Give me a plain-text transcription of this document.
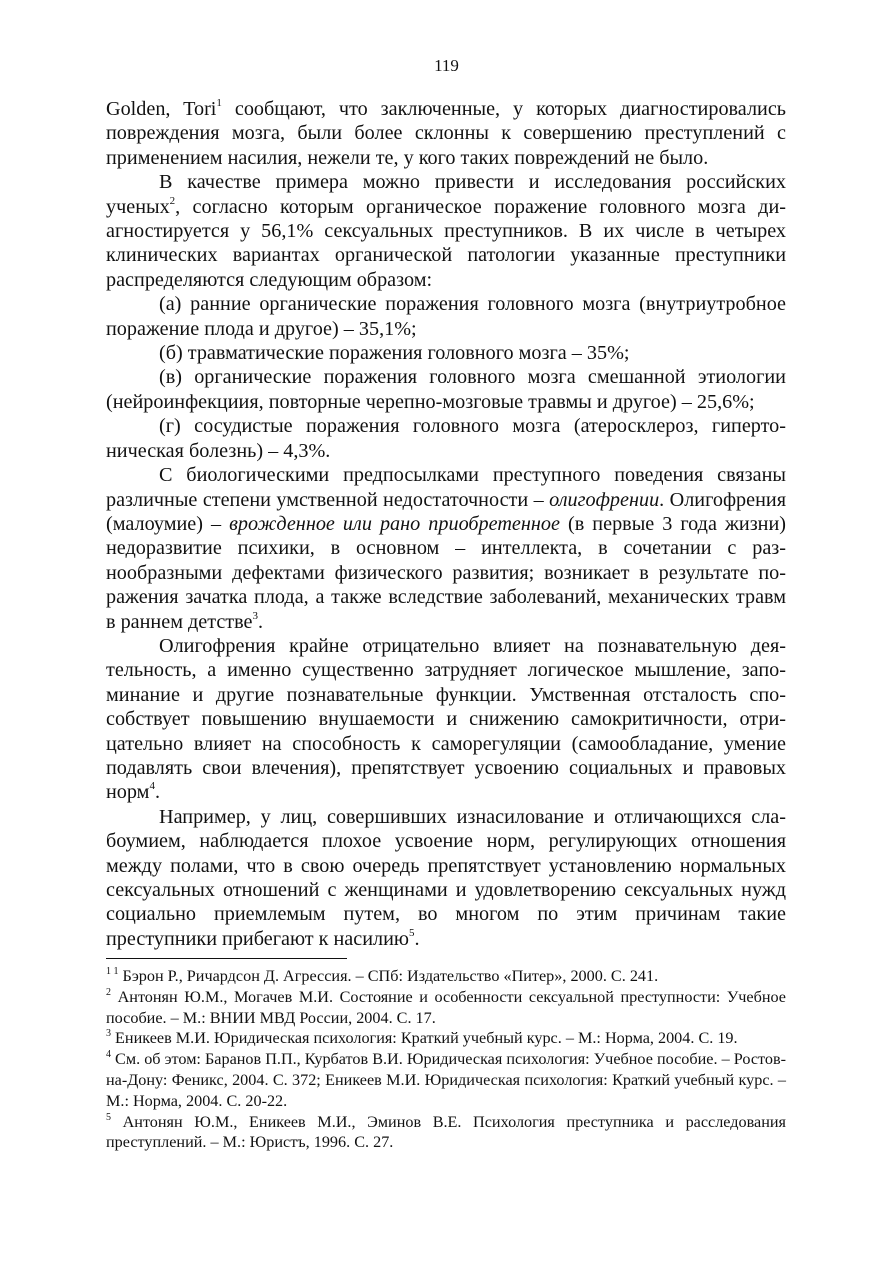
119

Golden, Tori$^1$ сообщают, что заключенные, у которых диагностировались повреждения мозга, были более склонны к совершению преступлений с применением насилия, нежели те, у кого таких повреждений не было.

В качестве примера можно привести и исследования российских ученых$^2$, согласно которым органическое поражение головного мозга диагностируется у 56,1% сексуальных преступников. В их числе в четырех клинических вариантах органической патологии указанные преступники распределяются следующим образом:

(а) ранние органические поражения головного мозга (внутриутробное поражение плода и другое) – 35,1%;

(б) травматические поражения головного мозга – 35%;

(в) органические поражения головного мозга смешанной этиологии (нейроинфекциия, повторные черепно-мозговые травмы и другое) – 25,6%;

(г) сосудистые поражения головного мозга (атеросклероз, гипертоническая болезнь) – 4,3%.

С биологическими предпосылками преступного поведения связаны различные степени умственной недостаточности – олигофрении. Олигофрения (малоумие) – врожденное или рано приобретенное (в первые 3 года жизни) недоразвитие психики, в основном – интеллекта, в сочетании с разнообразными дефектами физического развития; возникает в результате поражения зачатка плода, а также вследствие заболеваний, механических травм в раннем детстве$^3$.

Олигофрения крайне отрицательно влияет на познавательную деятельность, а именно существенно затрудняет логическое мышление, запоминание и другие познавательные функции. Умственная отсталость способствует повышению внушаемости и снижению самокритичности, отрицательно влияет на способность к саморегуляции (самообладание, умение подавлять свои влечения), препятствует усвоению социальных и правовых норм$^4$.

Например, у лиц, совершивших изнасилование и отличающихся слабоумием, наблюдается плохое усвоение норм, регулирующих отношения между полами, что в свою очередь препятствует установлению нормальных сексуальных отношений с женщинами и удовлетворению сексуальных нужд социально приемлемым путем, во многом по этим причинам такие преступники прибегают к насилию$^5$.

$^{1 1}$ Бэрон Р., Ричардсон Д. Агрессия. – СПб: Издательство «Питер», 2000. С. 241.

$^2$ Антонян Ю.М., Могачев М.И. Состояние и особенности сексуальной преступности: Учебное пособие. – М.: ВНИИ МВД России, 2004. С. 17.

$^3$ Еникеев М.И. Юридическая психология: Краткий учебный курс. – М.: Норма, 2004. С. 19.

$^4$ См. об этом: Баранов П.П., Курбатов В.И. Юридическая психология: Учебное пособие. – Ростов-на-Дону: Феникс, 2004. С. 372; Еникеев М.И. Юридическая психология: Краткий учебный курс. – М.: Норма, 2004. С. 20-22.

$^5$ Антонян Ю.М., Еникеев М.И., Эминов В.Е. Психология преступника и расследования преступлений. – М.: Юристъ, 1996. С. 27.
